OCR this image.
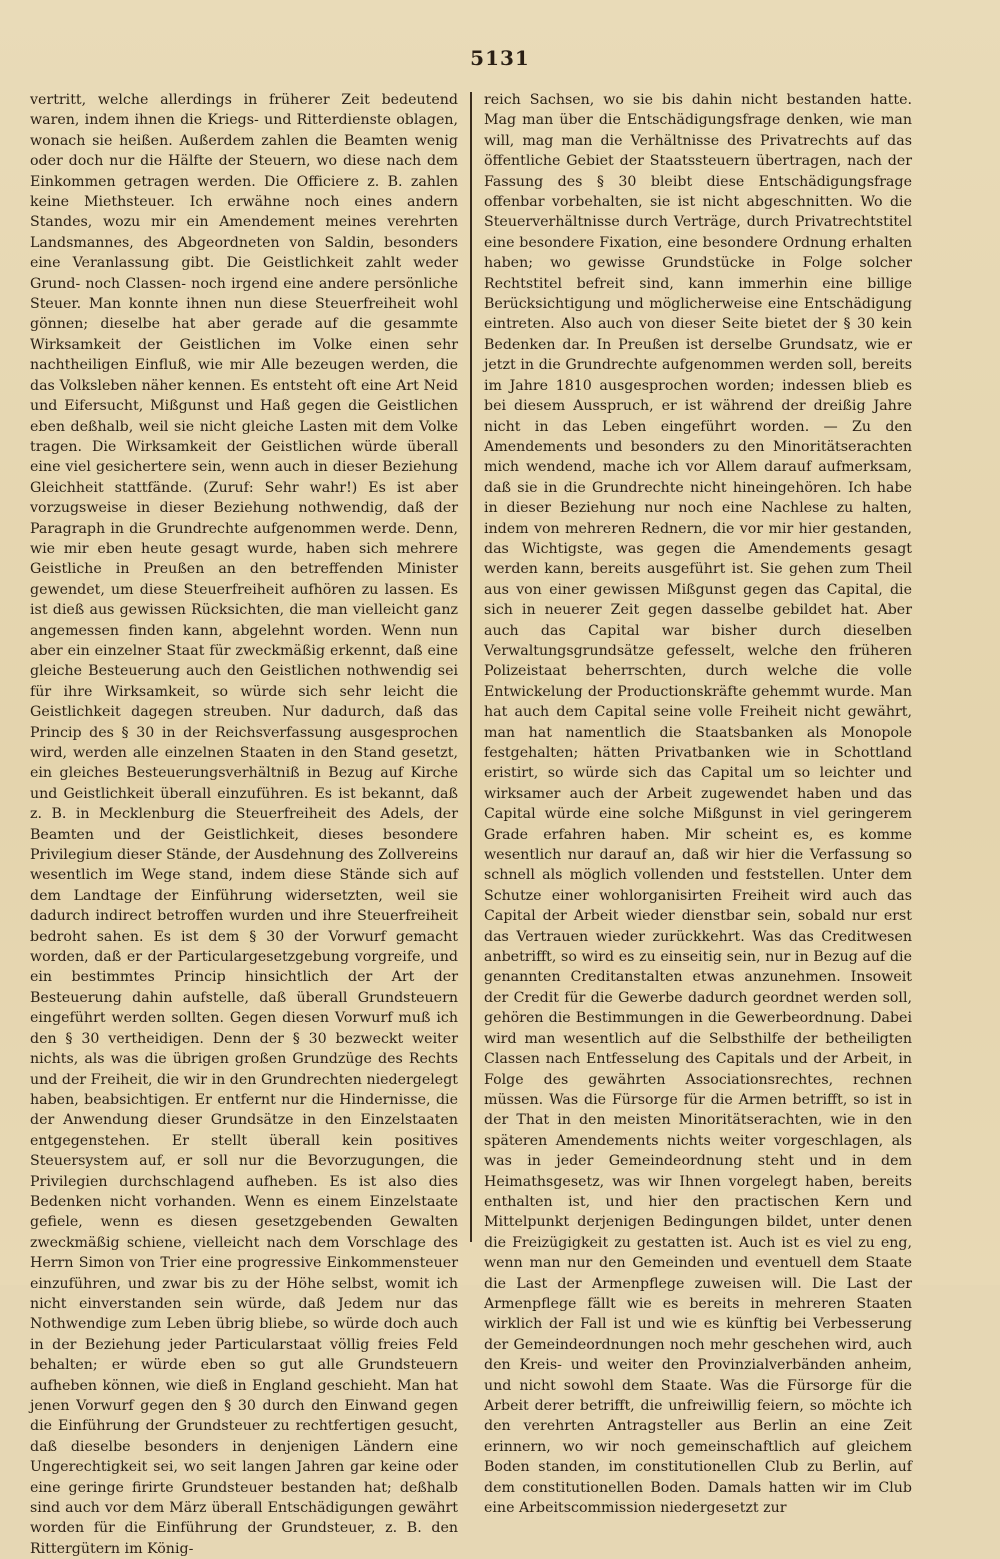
5131

vertritt, welche allerdings in früherer Zeit bedeutend waren, indem ihnen die Kriegs- und Ritterdienste oblagen, wonach sie heißen. Außerdem zahlen die Beamten wenig oder doch nur die Hälfte der Steuern, wo diese nach dem Einkommen getragen werden. Die Officiere z. B. zahlen keine Miethsteuer. Ich erwähne noch eines andern Standes, wozu mir ein Amendement meines verehrten Landsmannes, des Abgeordneten von Saldin, besonders eine Veranlassung gibt. Die Geistlichkeit zahlt weder Grund- noch Classen- noch irgend eine andere persönliche Steuer. Man konnte ihnen nun diese Steuerfreiheit wohl gönnen; dieselbe hat aber gerade auf die gesammte Wirksamkeit der Geistlichen im Volke einen sehr nachtheiligen Einfluß, wie mir Alle bezeugen werden, die das Volksleben näher kennen. Es entsteht oft eine Art Neid und Eifersucht, Mißgunst und Haß gegen die Geistlichen eben deßhalb, weil sie nicht gleiche Lasten mit dem Volke tragen. Die Wirksamkeit der Geistlichen würde überall eine viel gesichertere sein, wenn auch in dieser Beziehung Gleichheit stattfände. (Zuruf: Sehr wahr!) Es ist aber vorzugsweise in dieser Beziehung nothwendig, daß der Paragraph in die Grundrechte aufgenommen werde. Denn, wie mir eben heute gesagt wurde, haben sich mehrere Geistliche in Preußen an den betreffenden Minister gewendet, um diese Steuerfreiheit aufhören zu lassen. Es ist dieß aus gewissen Rücksichten, die man vielleicht ganz angemessen finden kann, abgelehnt worden. Wenn nun aber ein einzelner Staat für zweckmäßig erkennt, daß eine gleiche Besteuerung auch den Geistlichen nothwendig sei für ihre Wirksamkeit, so würde sich sehr leicht die Geistlichkeit dagegen streuben. Nur dadurch, daß das Princip des § 30 in der Reichsverfassung ausgesprochen wird, werden alle einzelnen Staaten in den Stand gesetzt, ein gleiches Besteuerungsverhältniß in Bezug auf Kirche und Geistlichkeit überall einzuführen. Es ist bekannt, daß z. B. in Mecklenburg die Steuerfreiheit des Adels, der Beamten und der Geistlichkeit, dieses besondere Privilegium dieser Stände, der Ausdehnung des Zollvereins wesentlich im Wege stand, indem diese Stände sich auf dem Landtage der Einführung widersetzten, weil sie dadurch indirect betroffen wurden und ihre Steuerfreiheit bedroht sahen. Es ist dem § 30 der Vorwurf gemacht worden, daß er der Particulargesetzgebung vorgreife, und ein bestimmtes Princip hinsichtlich der Art der Besteuerung dahin aufstelle, daß überall Grundsteuern eingeführt werden sollten. Gegen diesen Vorwurf muß ich den § 30 vertheidigen. Denn der § 30 bezweckt weiter nichts, als was die übrigen großen Grundzüge des Rechts und der Freiheit, die wir in den Grundrechten niedergelegt haben, beabsichtigen. Er entfernt nur die Hindernisse, die der Anwendung dieser Grundsätze in den Einzelstaaten entgegenstehen. Er stellt überall kein positives Steuersystem auf, er soll nur die Bevorzugungen, die Privilegien durchschlagend aufheben. Es ist also dies Bedenken nicht vorhanden. Wenn es einem Einzelstaate gefiele, wenn es diesen gesetzgebenden Gewalten zweckmäßig schiene, vielleicht nach dem Vorschlage des Herrn Simon von Trier eine progressive Einkommensteuer einzuführen, und zwar bis zu der Höhe selbst, womit ich nicht einverstanden sein würde, daß Jedem nur das Nothwendige zum Leben übrig bliebe, so würde doch auch in der Beziehung jeder Particularstaat völlig freies Feld behalten; er würde eben so gut alle Grundsteuern aufheben können, wie dieß in England geschieht. Man hat jenen Vorwurf gegen den § 30 durch den Einwand gegen die Einführung der Grundsteuer zu rechtfertigen gesucht, daß dieselbe besonders in denjenigen Ländern eine Ungerechtigkeit sei, wo seit langen Jahren gar keine oder eine geringe firirte Grundsteuer bestanden hat; deßhalb sind auch vor dem März überall Entschädigungen gewährt worden für die Einführung der Grundsteuer, z. B. den Rittergütern im König-

reich Sachsen, wo sie bis dahin nicht bestanden hatte. Mag man über die Entschädigungsfrage denken, wie man will, mag man die Verhältnisse des Privatrechts auf das öffentliche Gebiet der Staatssteuern übertragen, nach der Fassung des § 30 bleibt diese Entschädigungsfrage offenbar vorbehalten, sie ist nicht abgeschnitten. Wo die Steuerverhältnisse durch Verträge, durch Privatrechtstitel eine besondere Fixation, eine besondere Ordnung erhalten haben; wo gewisse Grundstücke in Folge solcher Rechtstitel befreit sind, kann immerhin eine billige Berücksichtigung und möglicherweise eine Entschädigung eintreten. Also auch von dieser Seite bietet der § 30 kein Bedenken dar. In Preußen ist derselbe Grundsatz, wie er jetzt in die Grundrechte aufgenommen werden soll, bereits im Jahre 1810 ausgesprochen worden; indessen blieb es bei diesem Ausspruch, er ist während der dreißig Jahre nicht in das Leben eingeführt worden. — Zu den Amendements und besonders zu den Minoritätserachten mich wendend, mache ich vor Allem darauf aufmerksam, daß sie in die Grundrechte nicht hineingehören. Ich habe in dieser Beziehung nur noch eine Nachlese zu halten, indem von mehreren Rednern, die vor mir hier gestanden, das Wichtigste, was gegen die Amendements gesagt werden kann, bereits ausgeführt ist. Sie gehen zum Theil aus von einer gewissen Mißgunst gegen das Capital, die sich in neuerer Zeit gegen dasselbe gebildet hat. Aber auch das Capital war bisher durch dieselben Verwaltungsgrundsätze gefesselt, welche den früheren Polizeistaat beherrschten, durch welche die volle Entwickelung der Productionskräfte gehemmt wurde. Man hat auch dem Capital seine volle Freiheit nicht gewährt, man hat namentlich die Staatsbanken als Monopole festgehalten; hätten Privatbanken wie in Schottland eristirt, so würde sich das Capital um so leichter und wirksamer auch der Arbeit zugewendet haben und das Capital würde eine solche Mißgunst in viel geringerem Grade erfahren haben. Mir scheint es, es komme wesentlich nur darauf an, daß wir hier die Verfassung so schnell als möglich vollenden und feststellen. Unter dem Schutze einer wohlorganisirten Freiheit wird auch das Capital der Arbeit wieder dienstbar sein, sobald nur erst das Vertrauen wieder zurückkehrt. Was das Creditwesen anbetrifft, so wird es zu einseitig sein, nur in Bezug auf die genannten Creditanstalten etwas anzunehmen. Insoweit der Credit für die Gewerbe dadurch geordnet werden soll, gehören die Bestimmungen in die Gewerbeordnung. Dabei wird man wesentlich auf die Selbsthilfe der betheiligten Classen nach Entfesselung des Capitals und der Arbeit, in Folge des gewährten Associationsrechtes, rechnen müssen. Was die Fürsorge für die Armen betrifft, so ist in der That in den meisten Minoritätserachten, wie in den späteren Amendements nichts weiter vorgeschlagen, als was in jeder Gemeindeordnung steht und in dem Heimathsgesetz, was wir Ihnen vorgelegt haben, bereits enthalten ist, und hier den practischen Kern und Mittelpunkt derjenigen Bedingungen bildet, unter denen die Freizügigkeit zu gestatten ist. Auch ist es viel zu eng, wenn man nur den Gemeinden und eventuell dem Staate die Last der Armenpflege zuweisen will. Die Last der Armenpflege fällt wie es bereits in mehreren Staaten wirklich der Fall ist und wie es künftig bei Verbesserung der Gemeindeordnungen noch mehr geschehen wird, auch den Kreis- und weiter den Provinzialverbänden anheim, und nicht sowohl dem Staate. Was die Fürsorge für die Arbeit derer betrifft, die unfreiwillig feiern, so möchte ich den verehrten Antragsteller aus Berlin an eine Zeit erinnern, wo wir noch gemeinschaftlich auf gleichem Boden standen, im constitutionellen Club zu Berlin, auf dem constitutionellen Boden. Damals hatten wir im Club eine Arbeitscommission niedergesetzt zur
